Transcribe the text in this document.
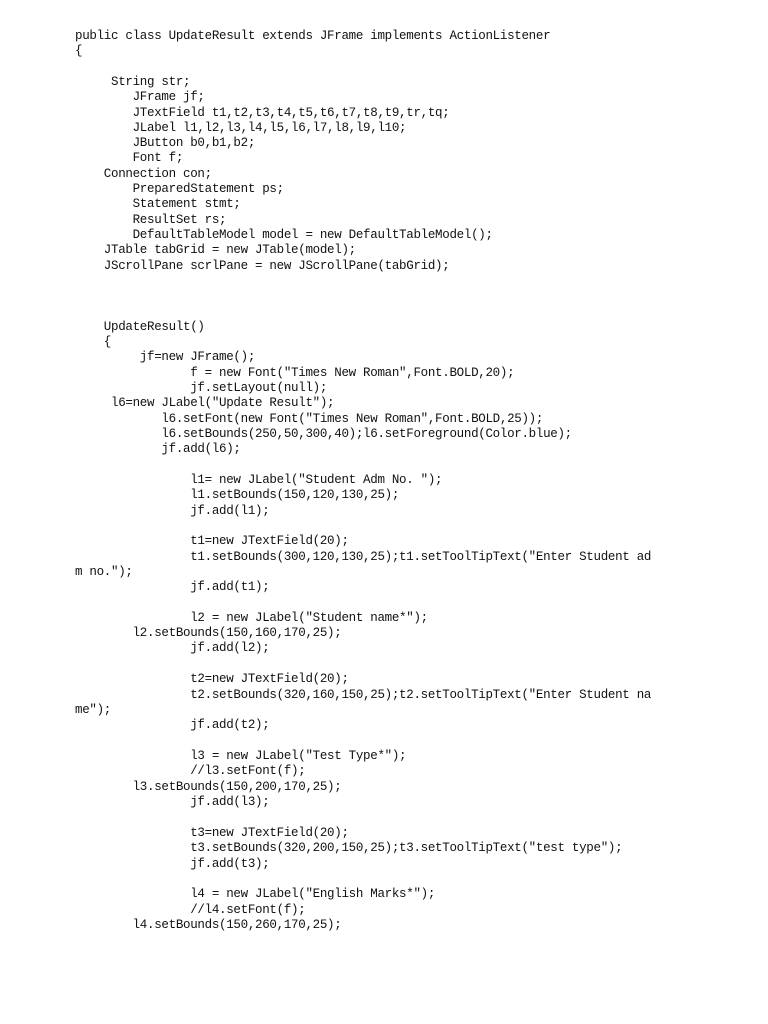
public class UpdateResult extends JFrame implements ActionListener
{
String str;
JFrame jf;
JTextField t1,t2,t3,t4,t5,t6,t7,t8,t9,tr,tq;
JLabel l1,l2,l3,l4,l5,l6,l7,l8,l9,l10;
JButton b0,b1,b2;
Font f;
Connection con;
PreparedStatement ps;
Statement stmt;
ResultSet rs;
DefaultTableModel model = new DefaultTableModel();
JTable tabGrid = new JTable(model);
JScrollPane scrlPane = new JScrollPane(tabGrid);
UpdateResult()
{
jf=new JFrame();
f = new Font("Times New Roman",Font.BOLD,20);
jf.setLayout(null);
l6=new JLabel("Update Result");
l6.setFont(new Font("Times New Roman",Font.BOLD,25));
l6.setBounds(250,50,300,40);l6.setForeground(Color.blue);
jf.add(l6);
l1= new JLabel("Student Adm No. ");
l1.setBounds(150,120,130,25);
jf.add(l1);
t1=new JTextField(20);
t1.setBounds(300,120,130,25);t1.setToolTipText("Enter Student ad
m no.");
jf.add(t1);
l2 = new JLabel("Student name*");
l2.setBounds(150,160,170,25);
jf.add(l2);
t2=new JTextField(20);
t2.setBounds(320,160,150,25);t2.setToolTipText("Enter Student na
me");
jf.add(t2);
l3 = new JLabel("Test Type*");
//l3.setFont(f);
l3.setBounds(150,200,170,25);
jf.add(l3);
t3=new JTextField(20);
t3.setBounds(320,200,150,25);t3.setToolTipText("test type");
jf.add(t3);
l4 = new JLabel("English Marks*");
//l4.setFont(f);
l4.setBounds(150,260,170,25);
